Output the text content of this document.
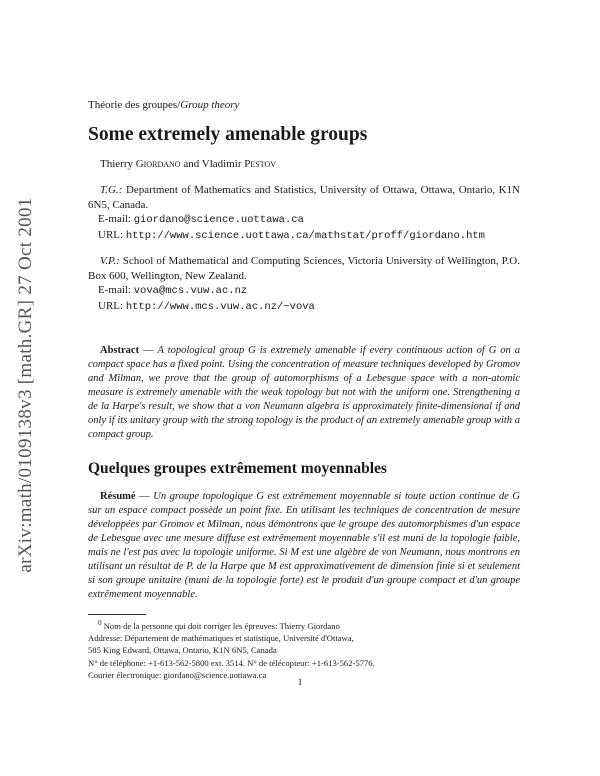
arXiv:math/0109138v3 [math.GR] 27 Oct 2001
Théorie des groupes/Group theory
Some extremely amenable groups
Thierry Giordano and Vladimir Pestov
T.G.: Department of Mathematics and Statistics, University of Ottawa, Ottawa, Ontario, K1N 6N5, Canada.
E-mail: giordano@science.uottawa.ca
URL: http://www.science.uottawa.ca/mathstat/proff/giordano.htm
V.P.: School of Mathematical and Computing Sciences, Victoria University of Wellington, P.O. Box 600, Wellington, New Zealand.
E-mail: vova@mcs.vuw.ac.nz
URL: http://www.mcs.vuw.ac.nz/~vova
Abstract — A topological group G is extremely amenable if every continuous action of G on a compact space has a fixed point. Using the concentration of measure techniques developed by Gromov and Milman, we prove that the group of automorphisms of a Lebesgue space with a non-atomic measure is extremely amenable with the weak topology but not with the uniform one. Strengthening a de la Harpe's result, we show that a von Neumann algebra is approximately finite-dimensional if and only if its unitary group with the strong topology is the product of an extremely amenable group with a compact group.
Quelques groupes extrêmement moyennables
Résumé — Un groupe topologique G est extrêmement moyennable si toute action continue de G sur un espace compact possède un point fixe. En utilisant les techniques de concentration de mesure développées par Gromov et Milman, nous démontrons que le groupe des automorphismes d'un espace de Lebesgue avec une mesure diffuse est extrêmement moyennable s'il est muni de la topologie faible, mais ne l'est pas avec la topologie uniforme. Si M est une algèbre de von Neumann, nous montrons en utilisant un résultat de P. de la Harpe que M est approximativement de dimension finie si et seulement si son groupe unitaire (muni de la topologie forte) est le produit d'un groupe compact et d'un groupe extrêmement moyennable.
$^0$ Nom de la personne qui doit corriger les épreuves: Thierry Giordano
Addresse: Département de mathématiques et statistique, Université d'Ottawa,
585 King Edward, Ottawa, Ontario, K1N 6N5, Canada
N° de téléphone: +1-613-562-5800 ext. 3514. N° de télécopieur: +1-613-562-5776.
Courier électronique: giordano@science.uottawa.ca
1
